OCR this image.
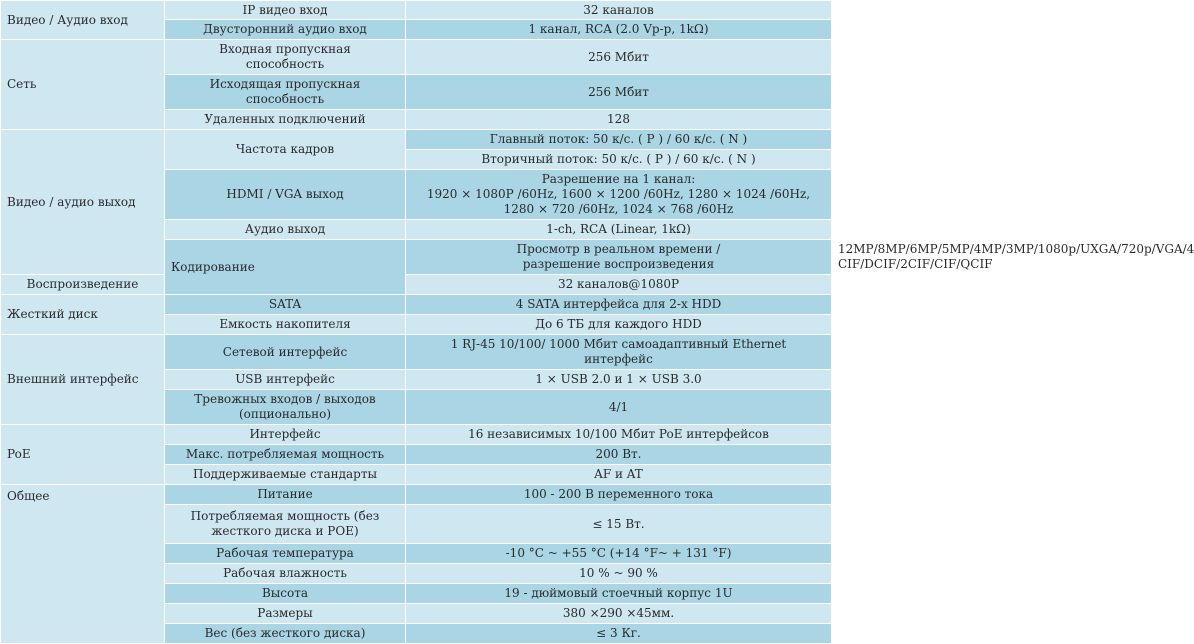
Видео / Аудио вход	IP видео вход	32 каналов	
	Двусторонний аудио вход	1 канал, RCA (2.0 Vp-p, 1kΩ)	
Сеть	Входная пропускная
способность	256 Мбит	
	Исходящая пропускная
способность	256 Мбит	
	Удаленных подключений	128	
Видео / аудио выход	Частота кадров	Главный поток: 50 к/с. ( P ) / 60 к/с. ( N )	
		Вторичный поток: 50 к/с. ( P ) / 60 к/с. ( N )	
	HDMI / VGA выход	Разрешение на 1 канал:
1920 × 1080P /60Hz, 1600 × 1200 /60Hz, 1280 × 1024 /60Hz,
1280 × 720 /60Hz, 1024 × 768 /60Hz	
	Аудио выход	1-ch, RCA (Linear, 1kΩ)	
	Кодирование	Просмотр в реальном времени /
разрешение воспроизведения	12MP/8MP/6MP/5MP/4MP/3MP/1080p/UXGA/720p/VGA/4
CIF/DCIF/2CIF/CIF/QCIF
Воспроизведение		32 каналов@1080P	
Жесткий диск	SATA	4 SATA интерфейса для 2-х HDD	
	Емкость накопителя	До 6 ТБ для каждого HDD	
Внешний интерфейс	Сетевой интерфейс	1 RJ-45 10/100/ 1000 Мбит самоадаптивный Ethernet
интерфейс	
	USB интерфейс	1 × USB 2.0 и 1 × USB 3.0	
	Тревожных входов / выходов
(опционально)	4/1	
PoE	Интерфейс	16 независимых 10/100 Мбит PoE интерфейсов	
	Макс. потребляемая мощность	200 Вт.	
	Поддерживаемые стандарты	AF и AT	
Общее	Питание	100 - 200 В переменного тока	
	Потребляемая мощность (без
жесткого диска и POE)	≤ 15 Вт.	
	Рабочая температура	-10 °C ~ +55 °C (+14 °F~ + 131 °F)	
	Рабочая влажность	10 % ~ 90 %	
	Высота	19 - дюймовый стоечный корпус 1U	
	Размеры	380 ×290 ×45мм.	
	Вес (без жесткого диска)	≤ 3 Кг.	
